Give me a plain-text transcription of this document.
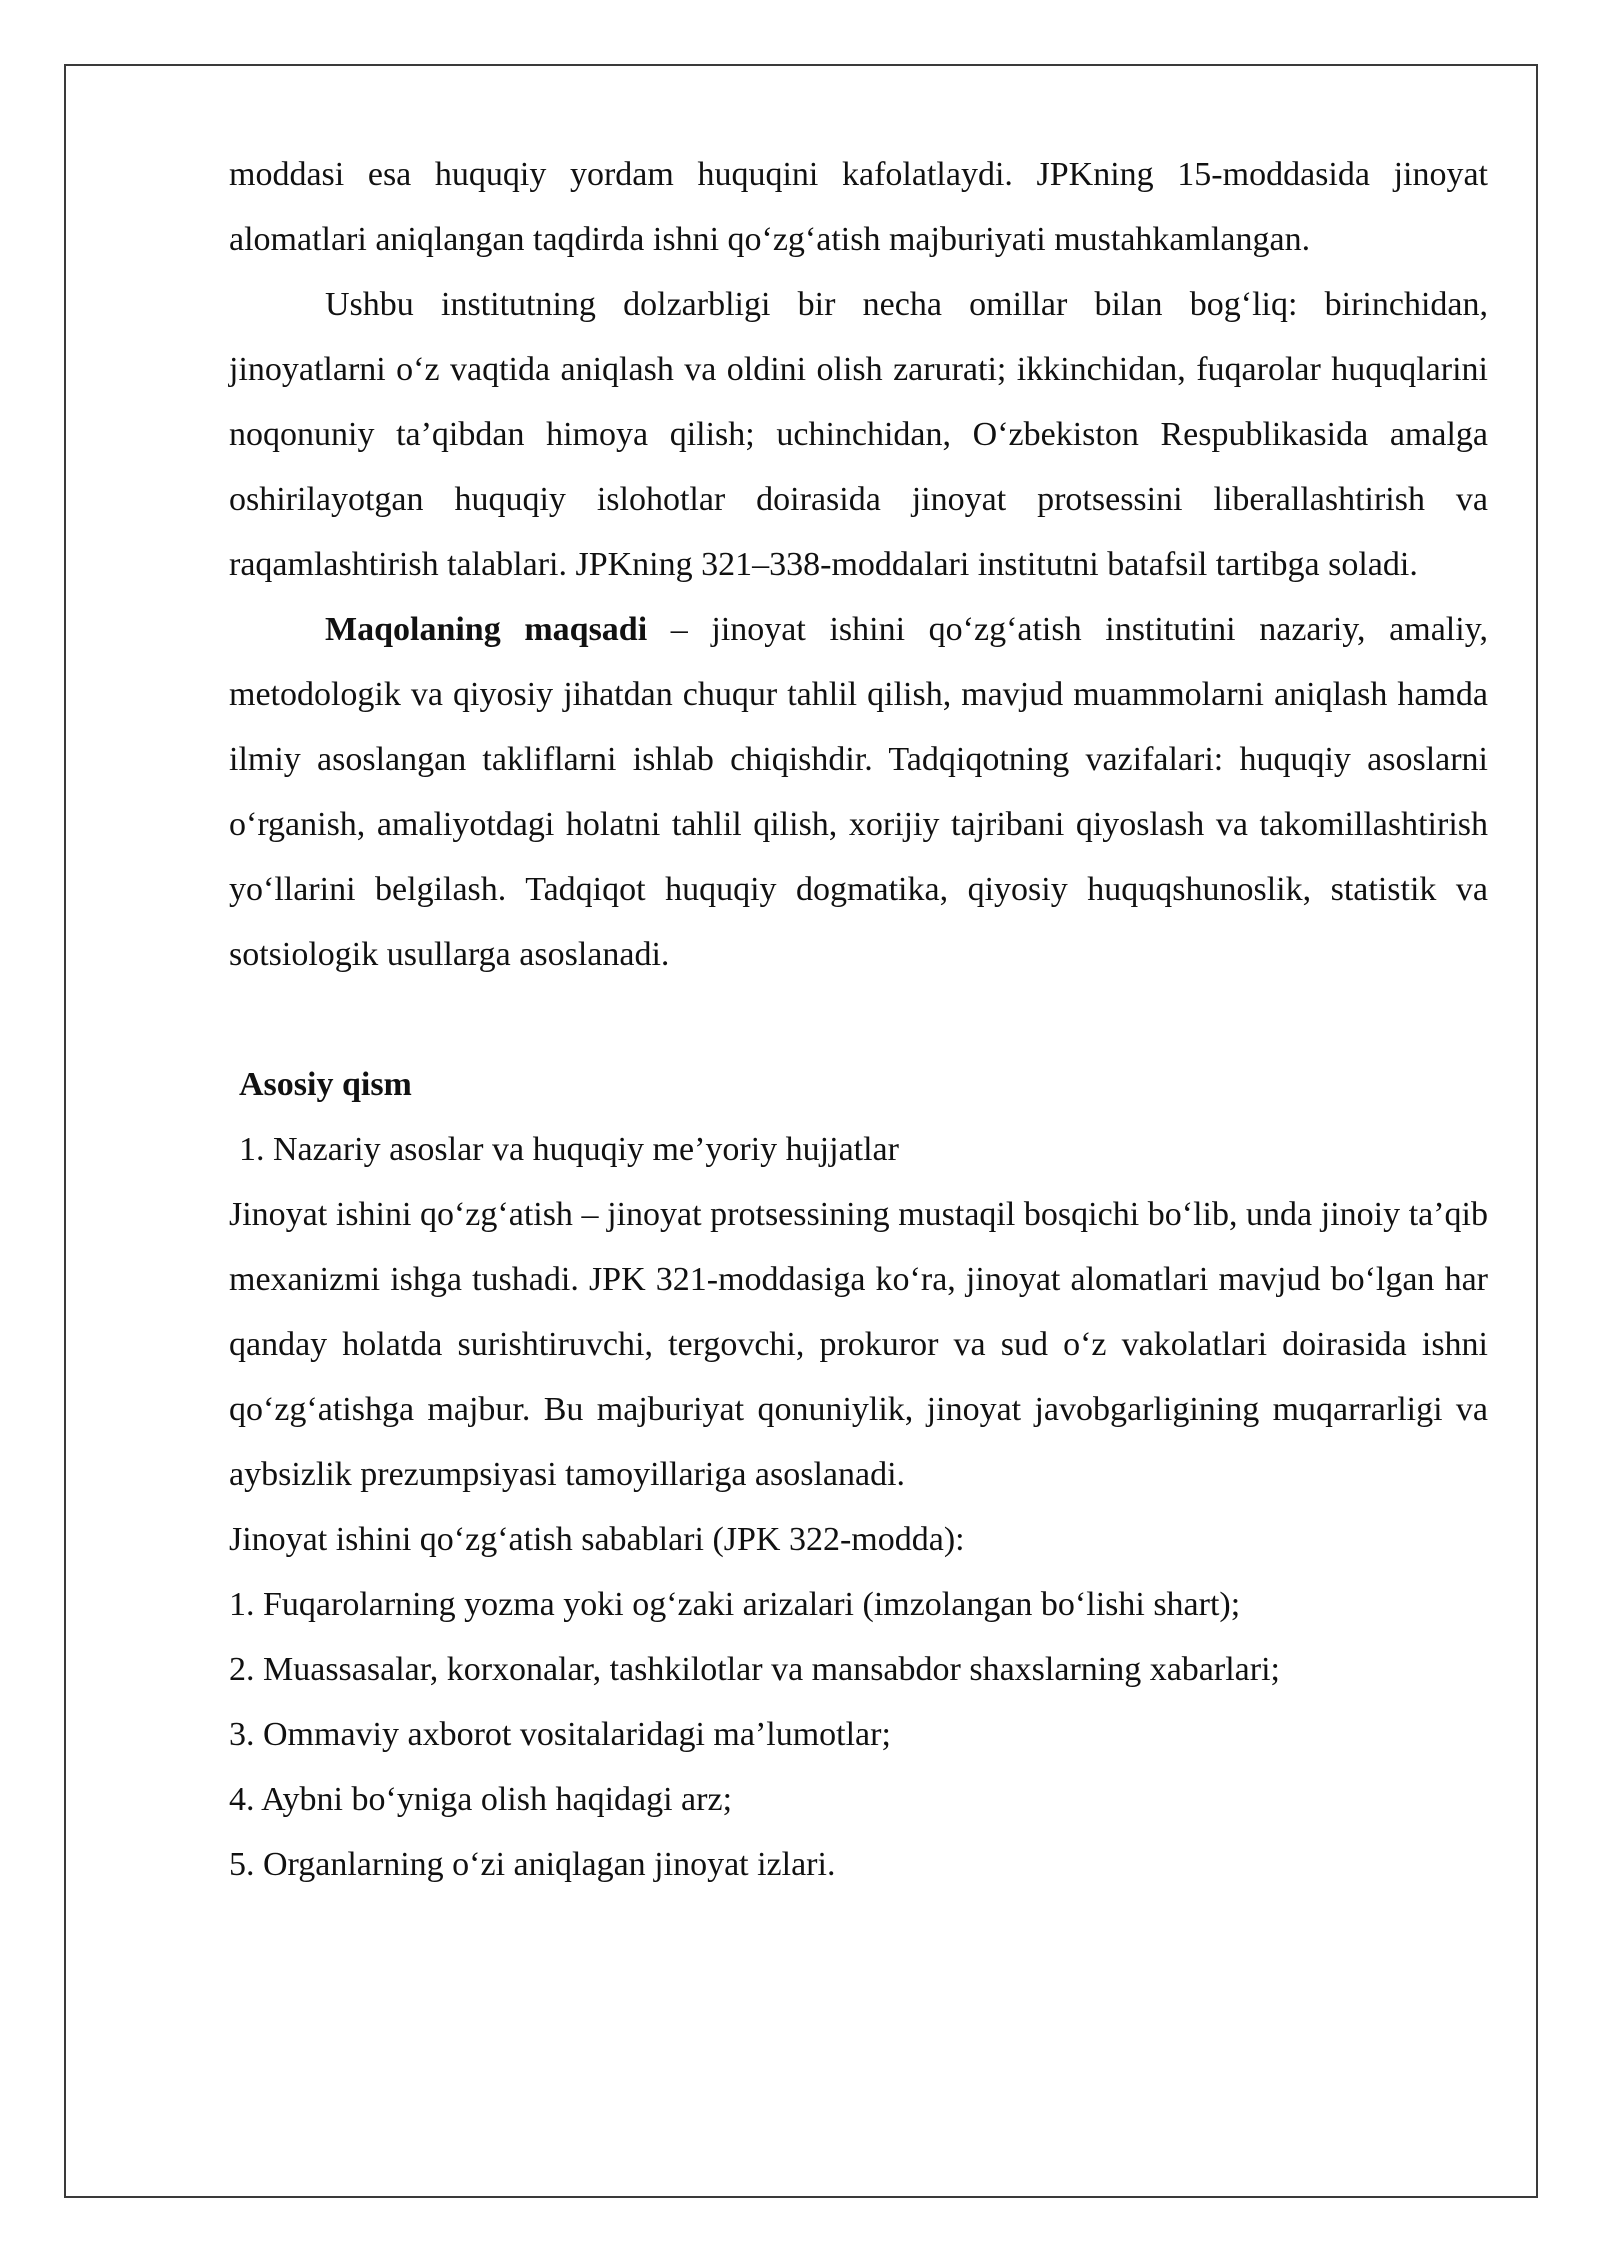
moddasi esa huquqiy yordam huquqini kafolatlaydi. JPKning 15-moddasida jinoyat alomatlari aniqlangan taqdirda ishni qo‘zg‘atish majburiyati mustahkamlangan.

Ushbu institutning dolzarbligi bir necha omillar bilan bog‘liq: birinchidan, jinoyatlarni o‘z vaqtida aniqlash va oldini olish zarurati; ikkinchidan, fuqarolar huquqlarini noqonuniy ta’qibdan himoya qilish; uchinchidan, O‘zbekiston Respublikasida amalga oshirilayotgan huquqiy islohotlar doirasida jinoyat protsessini liberallashtirish va raqamlashtirish talablari. JPKning 321–338-moddalari institutni batafsil tartibga soladi.

Maqolaning maqsadi – jinoyat ishini qo‘zg‘atish institutini nazariy, amaliy, metodologik va qiyosiy jihatdan chuqur tahlil qilish, mavjud muammolarni aniqlash hamda ilmiy asoslangan takliflarni ishlab chiqishdir. Tadqiqotning vazifalari: huquqiy asoslarni o‘rganish, amaliyotdagi holatni tahlil qilish, xorijiy tajribani qiyoslash va takomillashtirish yo‘llarini belgilash. Tadqiqot huquqiy dogmatika, qiyosiy huquqshunoslik, statistik va sotsiologik usullarga asoslanadi.

Asosiy qism

1. Nazariy asoslar va huquqiy me’yoriy hujjatlar

Jinoyat ishini qo‘zg‘atish – jinoyat protsessining mustaqil bosqichi bo‘lib, unda jinoiy ta’qib mexanizmi ishga tushadi. JPK 321-moddasiga ko‘ra, jinoyat alomatlari mavjud bo‘lgan har qanday holatda surishtiruvchi, tergovchi, prokuror va sud o‘z vakolatlari doirasida ishni qo‘zg‘atishga majbur. Bu majburiyat qonuniylik, jinoyat javobgarligining muqarrarligi va aybsizlik prezumpsiyasi tamoyillariga asoslanadi.

Jinoyat ishini qo‘zg‘atish sabablari (JPK 322-modda):

1. Fuqarolarning yozma yoki og‘zaki arizalari (imzolangan bo‘lishi shart);

2. Muassasalar, korxonalar, tashkilotlar va mansabdor shaxslarning xabarlari;

3. Ommaviy axborot vositalaridagi ma’lumotlar;

4. Aybni bo‘yniga olish haqidagi arz;

5. Organlarning o‘zi aniqlagan jinoyat izlari.
